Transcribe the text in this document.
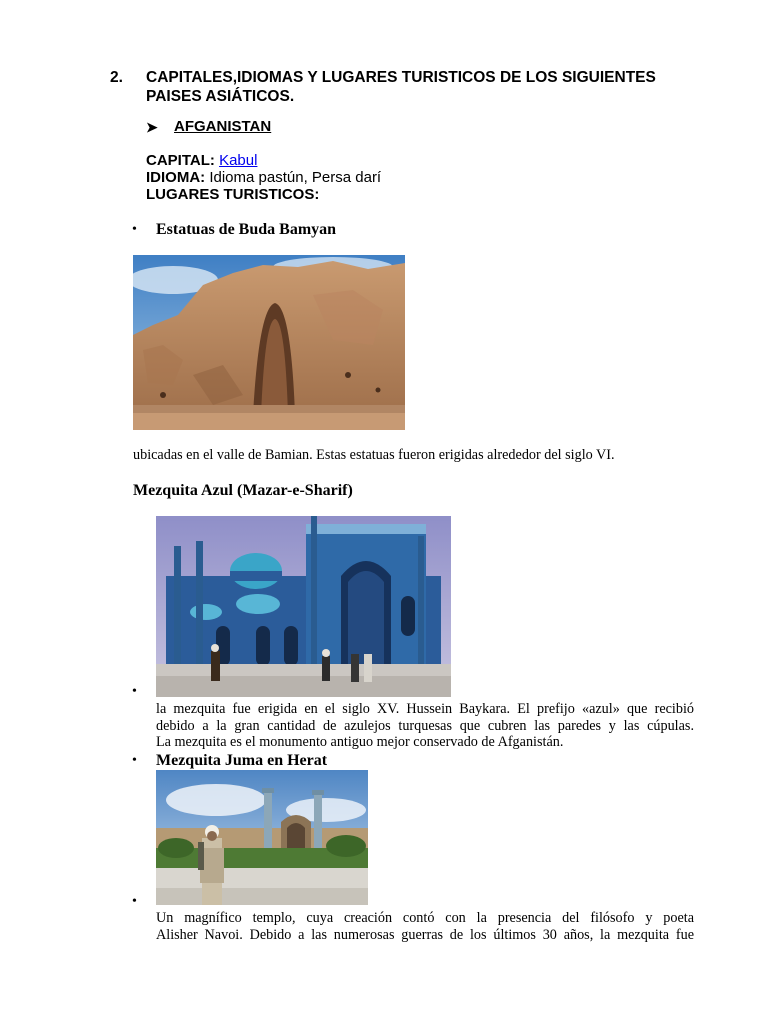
2. CAPITALES,IDIOMAS Y LUGARES TURISTICOS DE LOS SIGUIENTES
PAISES ASIÁTICOS.
➤ AFGANISTAN
CAPITAL: Kabul
IDIOMA: Idioma pastún, Persa darí
LUGARES TURISTICOS:
• Estatuas de Buda Bamyan
ubicadas en el valle de Bamian. Estas estatuas fueron erigidas alrededor del siglo VI.
Mezquita Azul (Mazar-e-Sharif)
•
la mezquita fue erigida en el siglo XV. Hussein Baykara. El prefijo «azul» que recibió
debido a la gran cantidad de azulejos turquesas que cubren las paredes y las cúpulas.
La mezquita es el monumento antiguo mejor conservado de Afganistán.
• Mezquita Juma en Herat
•
Un magnífico templo, cuya creación contó con la presencia del filósofo y poeta
Alisher Navoi. Debido a las numerosas guerras de los últimos 30 años, la mezquita fue
